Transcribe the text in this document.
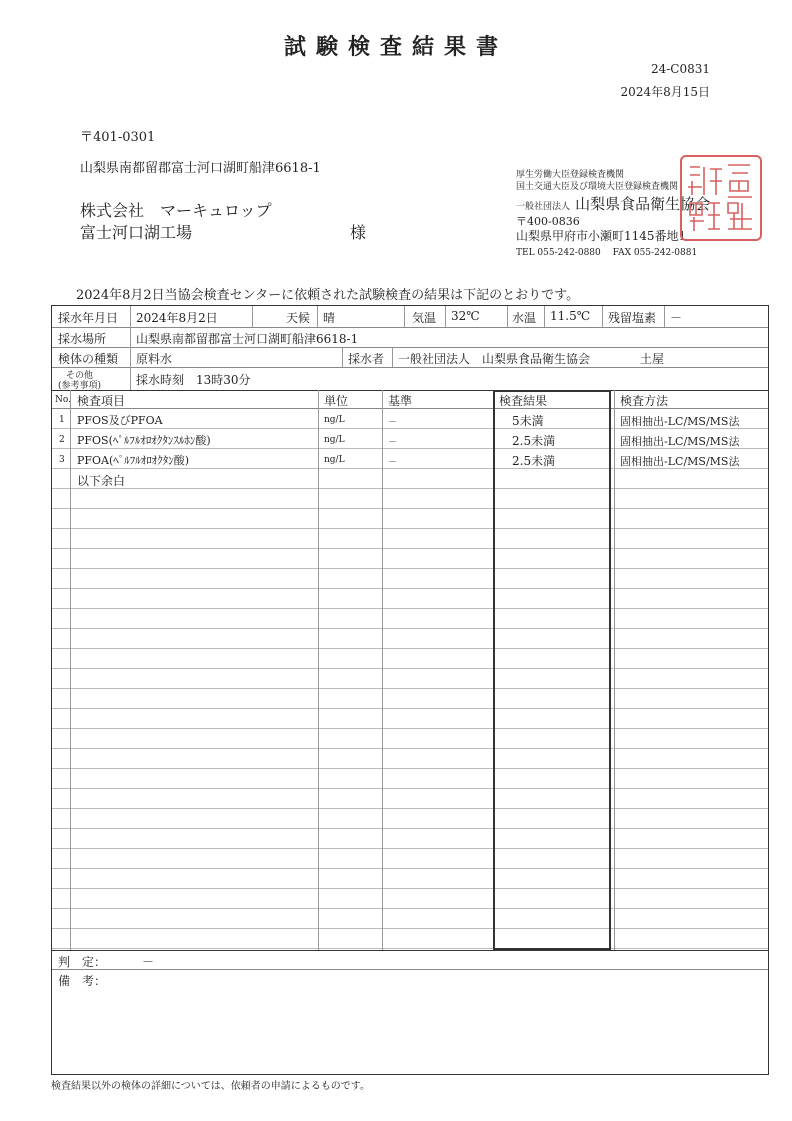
試験検査結果書
24-C0831
2024年8月15日
〒401-0301
山梨県南都留郡富士河口湖町船津6618-1
株式会社　マーキュロップ
富士河口湖工場	様
厚生労働大臣登録検査機関
国土交通大臣及び環境大臣登録検査機関
一般社団法人 山梨県食品衛生協会
〒400-0836
山梨県甲府市小瀬町1145番地1
TEL 055-242-0880　 FAX 055-242-0881
2024年8月2日当協会検査センターに依頼された試験検査の結果は下記のとおりです。
採水年月日 2024年8月2日	天候 晴	気温 32℃	水温 11.5℃ 残留塩素 －
採水場所 山梨県南都留郡富士河口湖町船津6618-1
検体の種類 原料水	採水者 一般社団法人　山梨県食品衛生協会	土屋
その他
(参考事項)	採水時刻　13時30分
No. 検査項目	単位	基準	検査結果	検査方法
1 PFOS及びPFOA	ng/L	－	5未満	固相抽出-LC/MS/MS法
2 PFOS(ﾍﾟﾙﾌﾙｵﾛｵｸﾀﾝｽﾙﾎﾝ酸)	ng/L	－	2.5未満	固相抽出-LC/MS/MS法
3 PFOA(ﾍﾟﾙﾌﾙｵﾛｵｸﾀﾝ酸)	ng/L	－	2.5未満	固相抽出-LC/MS/MS法
以下余白
判　定：	－
備　考：
検査結果以外の検体の詳細については、依頼者の申請によるものです。
